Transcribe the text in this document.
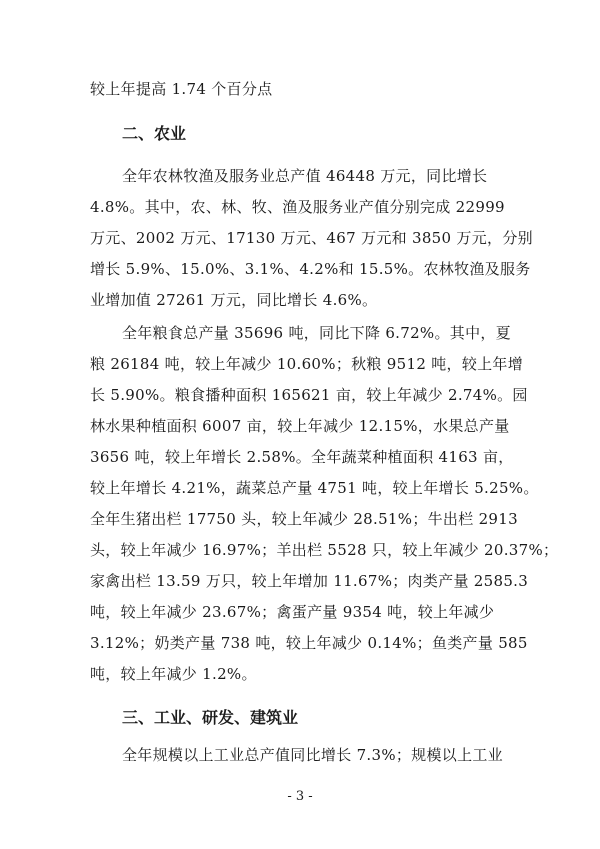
较上年提高 1.74 个百分点

二、农业

全年农林牧渔及服务业总产值 46448 万元，同比增长

4.8%。其中，农、林、牧、渔及服务业产值分别完成 22999

万元、2002 万元、17130 万元、467 万元和 3850 万元，分别

增长 5.9%、15.0%、3.1%、4.2%和 15.5%。农林牧渔及服务

业增加值 27261 万元，同比增长 4.6%。

全年粮食总产量 35696 吨，同比下降 6.72%。其中，夏

粮 26184 吨，较上年减少 10.60%；秋粮 9512 吨，较上年增

长 5.90%。粮食播种面积 165621 亩，较上年减少 2.74%。园

林水果种植面积 6007 亩，较上年减少 12.15%，水果总产量

3656 吨，较上年增长 2.58%。全年蔬菜种植面积 4163 亩，

较上年增长 4.21%，蔬菜总产量 4751 吨，较上年增长 5.25%。

全年生猪出栏 17750 头，较上年减少 28.51%；牛出栏 2913

头，较上年减少 16.97%；羊出栏 5528 只，较上年减少 20.37%；

家禽出栏 13.59 万只，较上年增加 11.67%；肉类产量 2585.3

吨，较上年减少 23.67%；禽蛋产量 9354 吨，较上年减少

3.12%；奶类产量 738 吨，较上年减少 0.14%；鱼类产量 585

吨，较上年减少 1.2%。

三、工业、研发、建筑业

全年规模以上工业总产值同比增长 7.3%；规模以上工业

- 3 -
